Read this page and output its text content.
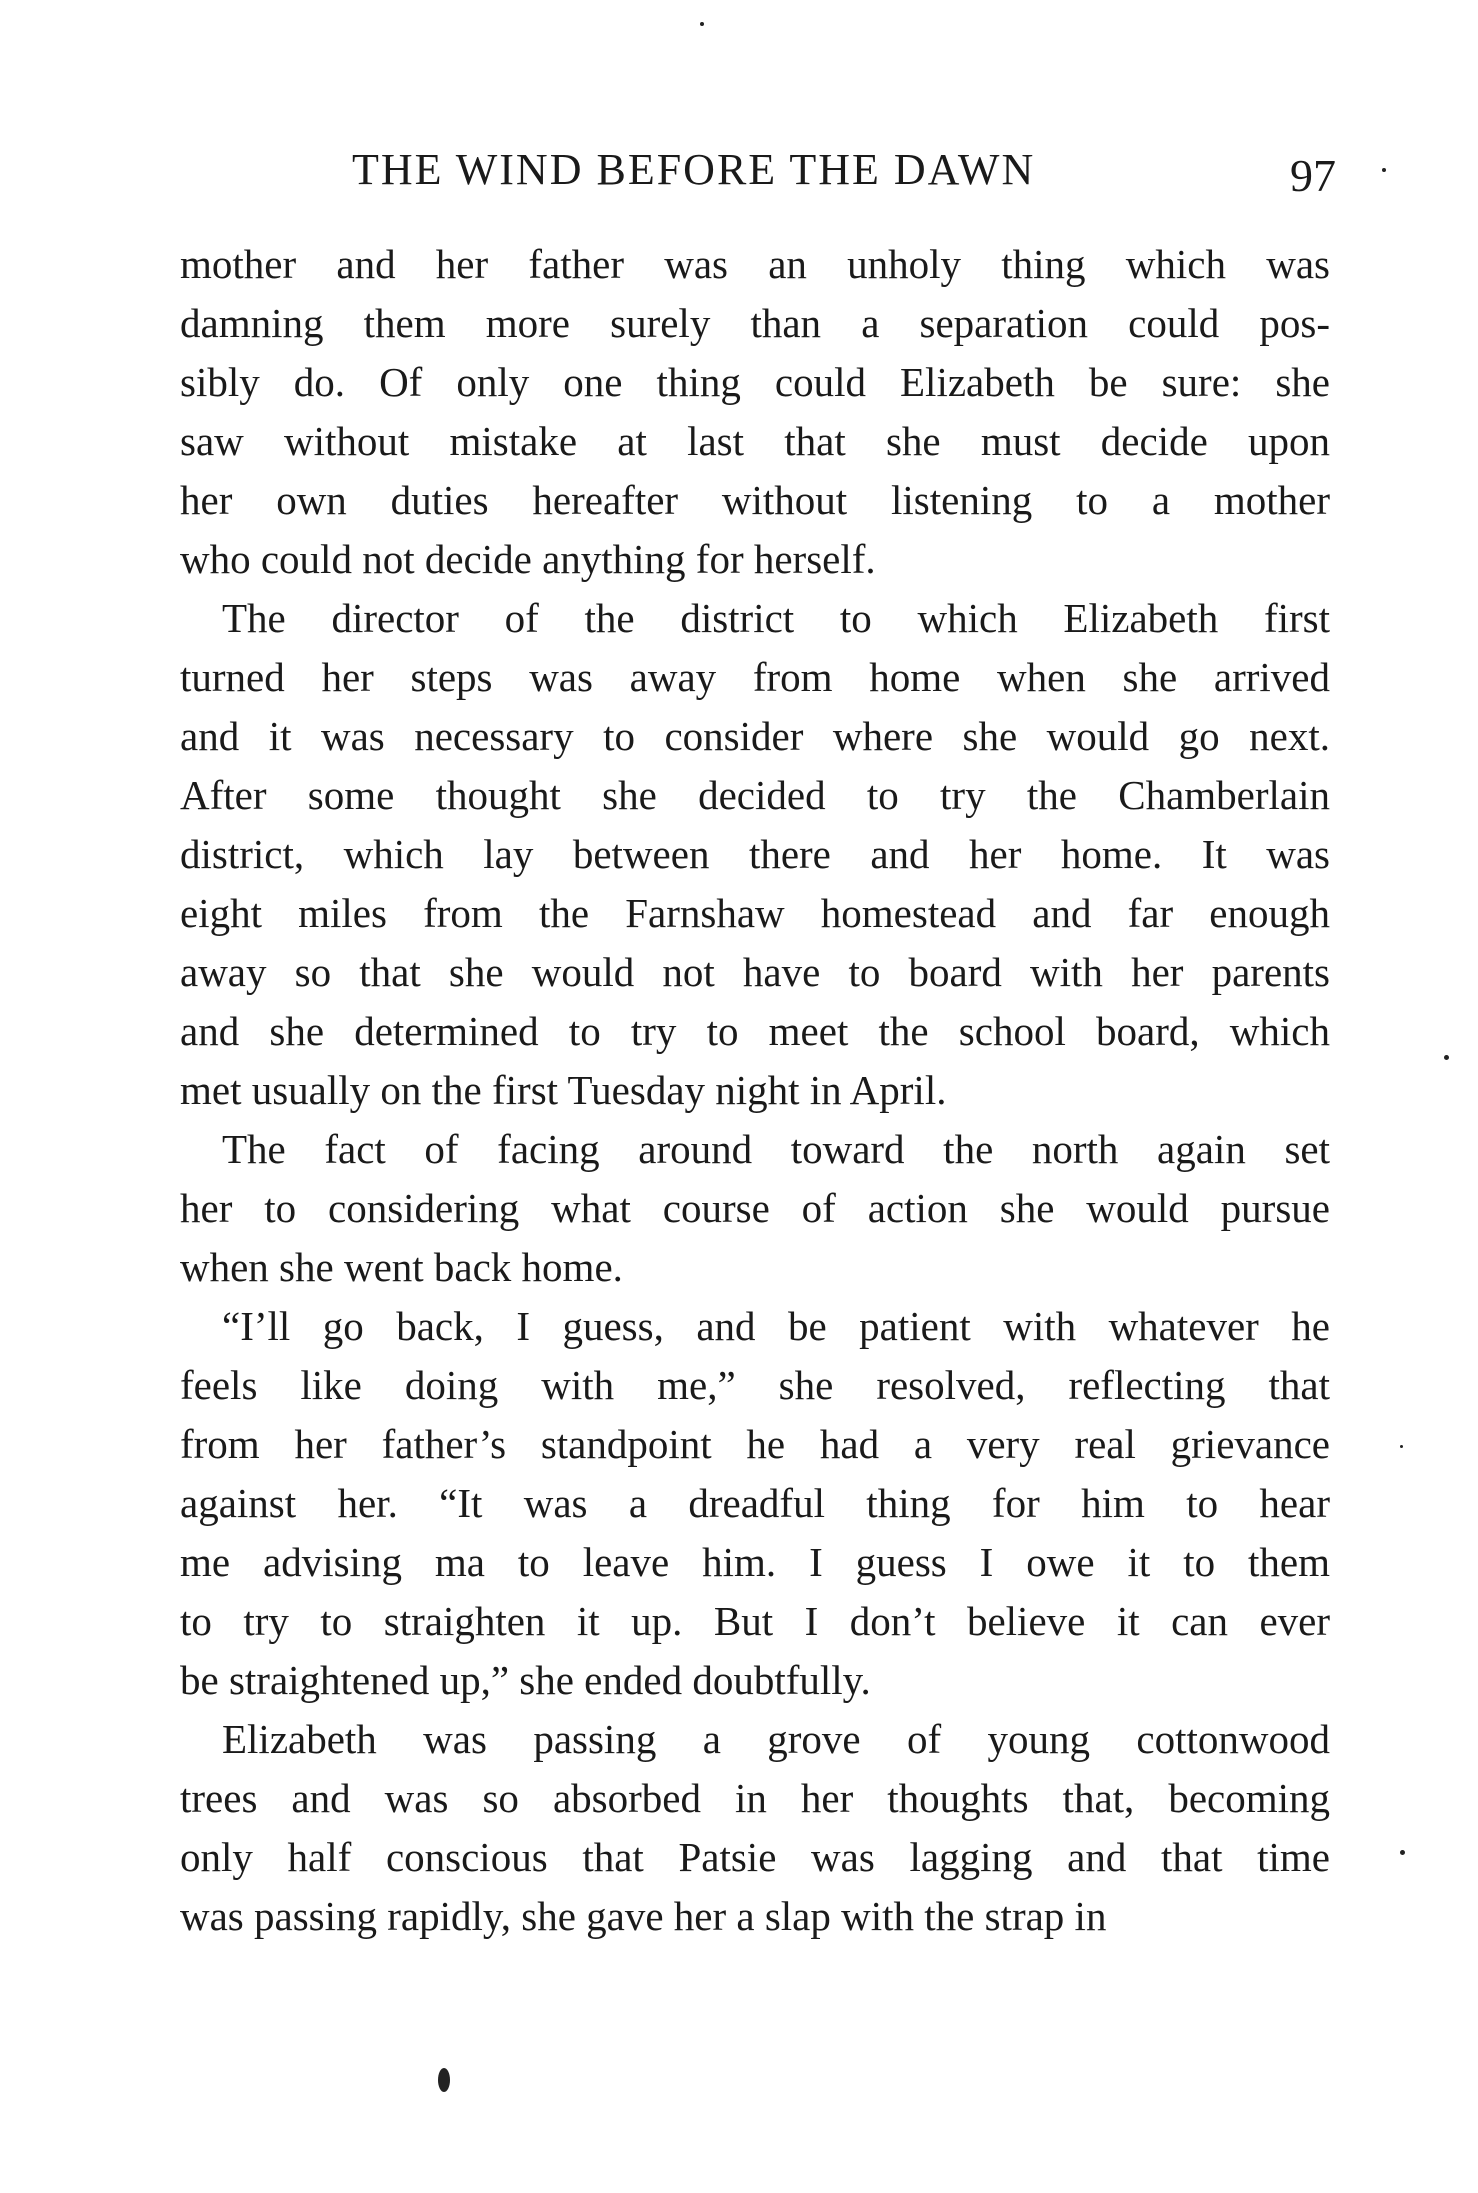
THE WIND BEFORE THE DAWN	97
mother and her father was an unholy thing which was
damning them more surely than a separation could pos-
sibly do. Of only one thing could Elizabeth be sure: she
saw without mistake at last that she must decide upon
her own duties hereafter without listening to a mother
who could not decide anything for herself.
The director of the district to which Elizabeth first
turned her steps was away from home when she arrived
and it was necessary to consider where she would go next.
After some thought she decided to try the Chamberlain
district, which lay between there and her home. It was
eight miles from the Farnshaw homestead and far enough
away so that she would not have to board with her parents
and she determined to try to meet the school board, which
met usually on the first Tuesday night in April.
The fact of facing around toward the north again set
her to considering what course of action she would pursue
when she went back home.
“I’ll go back, I guess, and be patient with whatever he
feels like doing with me,” she resolved, reflecting that
from her father’s standpoint he had a very real grievance
against her. “It was a dreadful thing for him to hear
me advising ma to leave him. I guess I owe it to them
to try to straighten it up. But I don’t believe it can ever
be straightened up,” she ended doubtfully.
Elizabeth was passing a grove of young cottonwood
trees and was so absorbed in her thoughts that, becoming
only half conscious that Patsie was lagging and that time
was passing rapidly, she gave her a slap with the strap in
